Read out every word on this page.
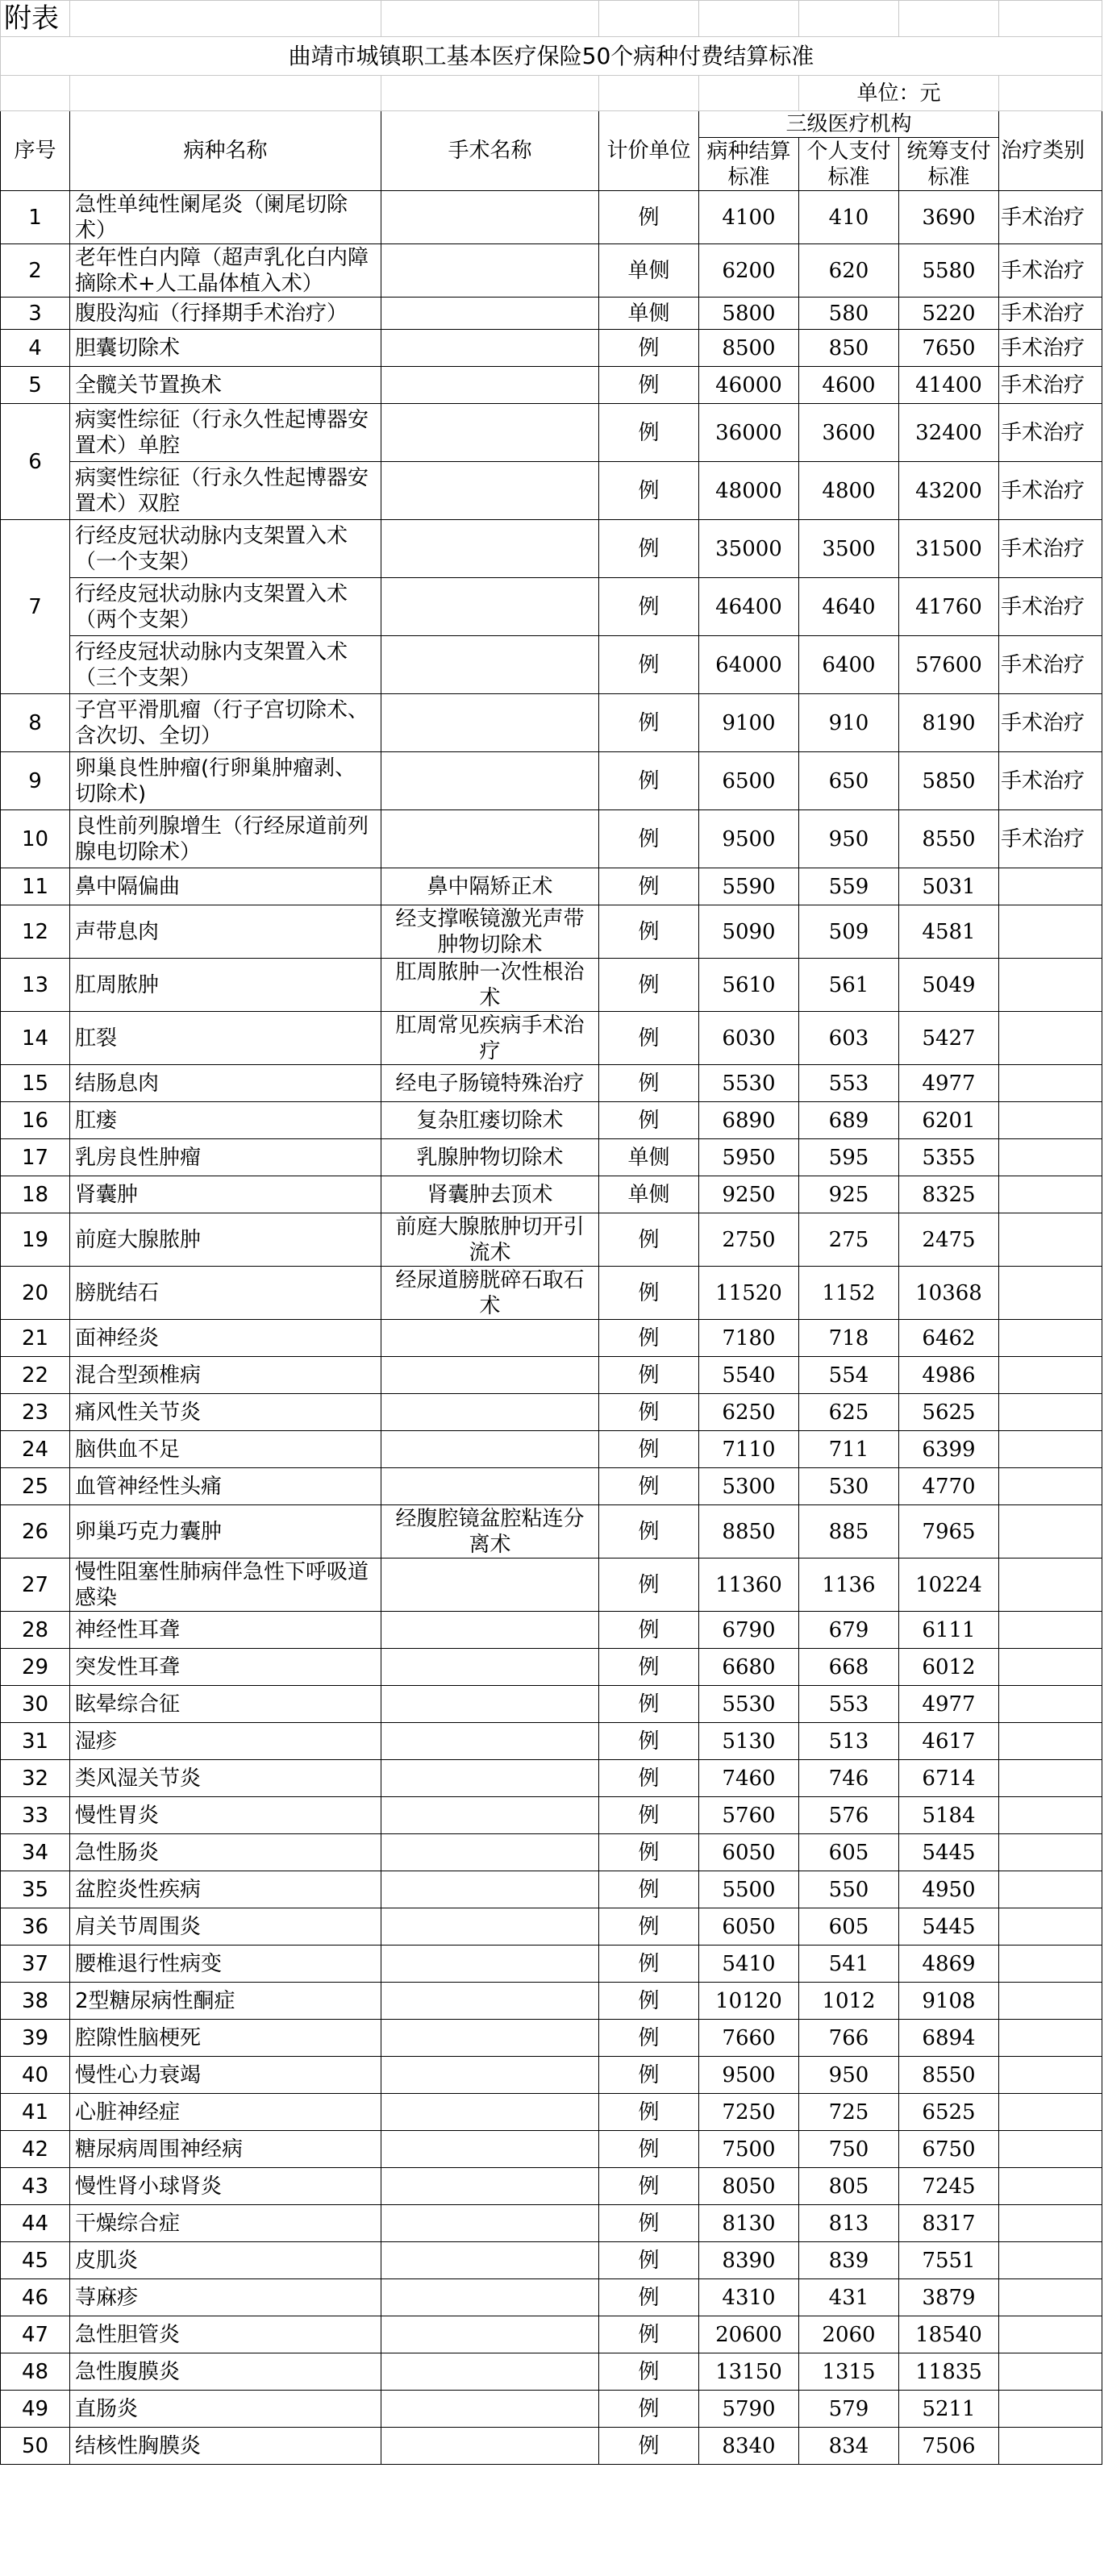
附表							
曲靖市城镇职工基本医疗保险50个病种付费结算标准							
					单位：元		
序号	病种名称	手术名称	计价单位	三级医疗机构			治疗类别
				病种结算标准	个人支付标准	统筹支付标准	
1	急性单纯性阑尾炎（阑尾切除术）		例	4100	410	3690	手术治疗
2	老年性白内障（超声乳化白内障摘除术+人工晶体植入术）		单侧	6200	620	5580	手术治疗
3	腹股沟疝（行择期手术治疗）		单侧	5800	580	5220	手术治疗
4	胆囊切除术		例	8500	850	7650	手术治疗
5	全髋关节置换术		例	46000	4600	41400	手术治疗
6	病窦性综征（行永久性起博器安置术）单腔		例	36000	3600	32400	手术治疗
	病窦性综征（行永久性起博器安置术）双腔		例	48000	4800	43200	手术治疗
7	行经皮冠状动脉内支架置入术（一个支架）		例	35000	3500	31500	手术治疗
	行经皮冠状动脉内支架置入术（两个支架）		例	46400	4640	41760	手术治疗
	行经皮冠状动脉内支架置入术（三个支架）		例	64000	6400	57600	手术治疗
8	子宫平滑肌瘤（行子宫切除术、含次切、全切）		例	9100	910	8190	手术治疗
9	卵巢良性肿瘤(行卵巢肿瘤剥、切除术)		例	6500	650	5850	手术治疗
10	良性前列腺增生（行经尿道前列腺电切除术）		例	9500	950	8550	手术治疗
11	鼻中隔偏曲	鼻中隔矫正术	例	5590	559	5031	
12	声带息肉	经支撑喉镜激光声带肿物切除术	例	5090	509	4581	
13	肛周脓肿	肛周脓肿一次性根治术	例	5610	561	5049	
14	肛裂	肛周常见疾病手术治疗	例	6030	603	5427	
15	结肠息肉	经电子肠镜特殊治疗	例	5530	553	4977	
16	肛瘘	复杂肛瘘切除术	例	6890	689	6201	
17	乳房良性肿瘤	乳腺肿物切除术	单侧	5950	595	5355	
18	肾囊肿	肾囊肿去顶术	单侧	9250	925	8325	
19	前庭大腺脓肿	前庭大腺脓肿切开引流术	例	2750	275	2475	
20	膀胱结石	经尿道膀胱碎石取石术	例	11520	1152	10368	
21	面神经炎		例	7180	718	6462	
22	混合型颈椎病		例	5540	554	4986	
23	痛风性关节炎		例	6250	625	5625	
24	脑供血不足		例	7110	711	6399	
25	血管神经性头痛		例	5300	530	4770	
26	卵巢巧克力囊肿	经腹腔镜盆腔粘连分离术	例	8850	885	7965	
27	慢性阻塞性肺病伴急性下呼吸道感染		例	11360	1136	10224	
28	神经性耳聋		例	6790	679	6111	
29	突发性耳聋		例	6680	668	6012	
30	眩晕综合征		例	5530	553	4977	
31	湿疹		例	5130	513	4617	
32	类风湿关节炎		例	7460	746	6714	
33	慢性胃炎		例	5760	576	5184	
34	急性肠炎		例	6050	605	5445	
35	盆腔炎性疾病		例	5500	550	4950	
36	肩关节周围炎		例	6050	605	5445	
37	腰椎退行性病变		例	5410	541	4869	
38	2型糖尿病性酮症		例	10120	1012	9108	
39	腔隙性脑梗死		例	7660	766	6894	
40	慢性心力衰竭		例	9500	950	8550	
41	心脏神经症		例	7250	725	6525	
42	糖尿病周围神经病		例	7500	750	6750	
43	慢性肾小球肾炎		例	8050	805	7245	
44	干燥综合症		例	8130	813	8317	
45	皮肌炎		例	8390	839	7551	
46	荨麻疹		例	4310	431	3879	
47	急性胆管炎		例	20600	2060	18540	
48	急性腹膜炎		例	13150	1315	11835	
49	直肠炎		例	5790	579	5211	
50	结核性胸膜炎		例	8340	834	7506	
